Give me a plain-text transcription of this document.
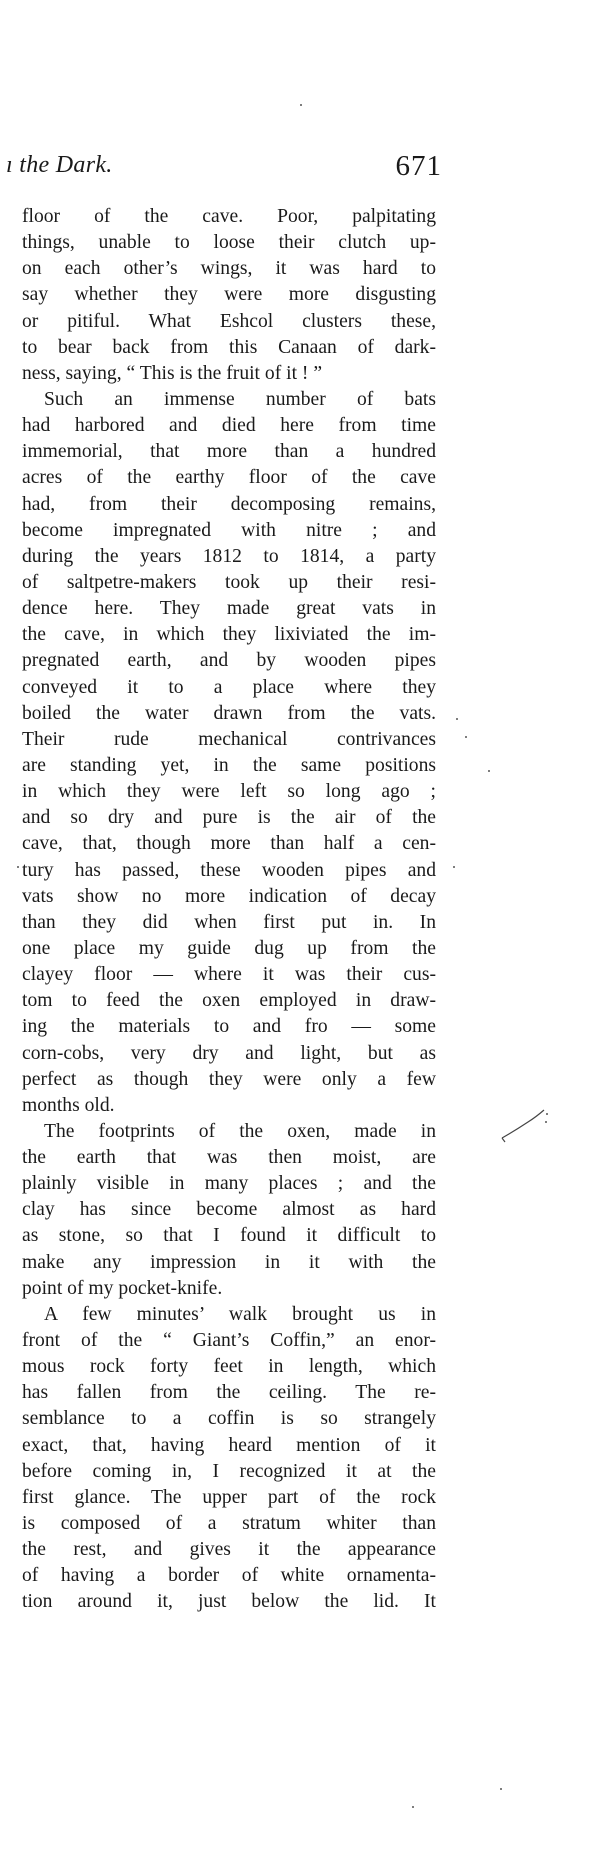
ı the Dark.	671
floor of the cave. Poor, palpitating
things, unable to loose their clutch up-
on each other’s wings, it was hard to
say whether they were more disgusting
or pitiful. What Eshcol clusters these,
to bear back from this Canaan of dark-
ness, saying, “ This is the fruit of it ! ”
Such an immense number of bats
had harbored and died here from time
immemorial, that more than a hundred
acres of the earthy floor of the cave
had, from their decomposing remains,
become impregnated with nitre ; and
during the years 1812 to 1814, a party
of saltpetre-makers took up their resi-
dence here. They made great vats in
the cave, in which they lixiviated the im-
pregnated earth, and by wooden pipes
conveyed it to a place where they
boiled the water drawn from the vats.
Their rude mechanical contrivances
are standing yet, in the same positions
in which they were left so long ago ;
and so dry and pure is the air of the
cave, that, though more than half a cen-
tury has passed, these wooden pipes and
vats show no more indication of decay
than they did when first put in. In
one place my guide dug up from the
clayey floor — where it was their cus-
tom to feed the oxen employed in draw-
ing the materials to and fro — some
corn-cobs, very dry and light, but as
perfect as though they were only a few
months old.
The footprints of the oxen, made in
the earth that was then moist, are
plainly visible in many places ; and the
clay has since become almost as hard
as stone, so that I found it difficult to
make any impression in it with the
point of my pocket-knife.
A few minutes’ walk brought us in
front of the “ Giant’s Coffin,” an enor-
mous rock forty feet in length, which
has fallen from the ceiling. The re-
semblance to a coffin is so strangely
exact, that, having heard mention of it
before coming in, I recognized it at the
first glance. The upper part of the rock
is composed of a stratum whiter than
the rest, and gives it the appearance
of having a border of white ornamenta-
tion around it, just below the lid. It
